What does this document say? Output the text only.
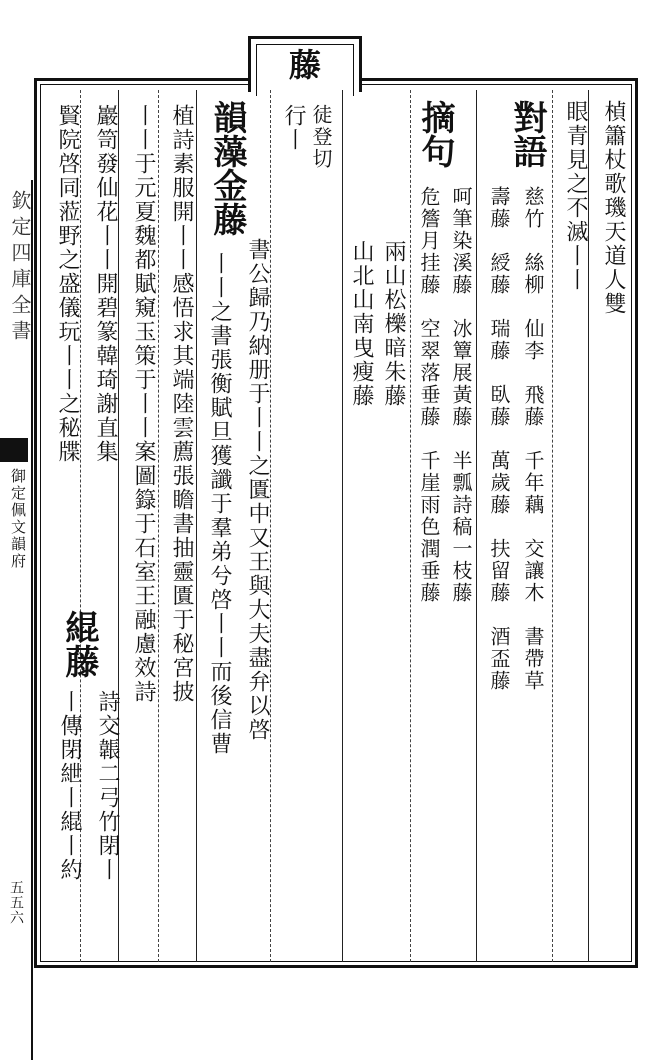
藤
欽定四庫全書
御定佩文韻府
五五六
楨簫杖歌璣天道人雙
眼青見之不滅丨丨
對語
慈竹　絲柳　仙李　飛藤　千年藕　交讓木　書帶草
壽藤　綬藤　瑞藤　臥藤　萬歲藤　扶留藤　酒盃藤
摘句
呵筆染溪藤　冰簟展黃藤　半瓢詩稿一枝藤
危簷月挂藤　空翠落垂藤　千崖雨色潤垂藤
兩山松櫟暗朱藤
山北山南曳瘦藤
徒登切
行丨
韻藻金藤
書公歸乃納册于丨丨之匱中又王與大夫盡弁以啓
丨丨之書張衡賦旦獲讖于羣弟兮啓丨丨而後信曹
植詩素服開丨丨感悟求其端陸雲薦張瞻書抽靈匱于秘宮披
丨丨于元夏魏都賦窺玉策于丨丨案圖籙于石室王融慮效詩
巖笥發仙花丨丨開碧篆韓琦謝直集
賢院啓同蒞野之盛儀玩丨丨之秘牒
緄藤
詩交韔二弓竹閉丨
丨傳閉紲丨緄丨約
